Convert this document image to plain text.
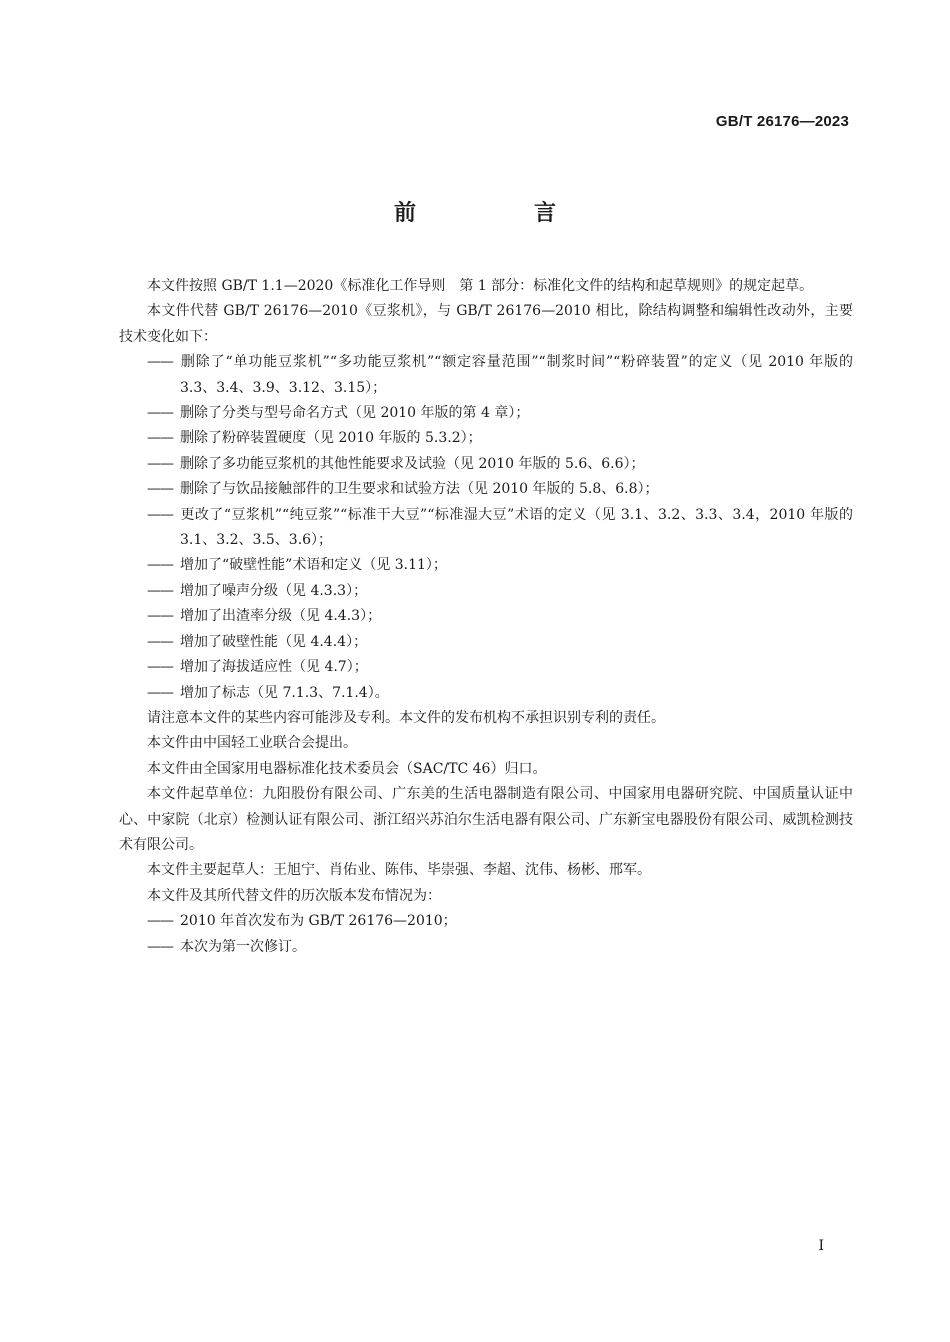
GB/T 26176—2023
前　言

本文件按照 GB/T 1.1—2020《标准化工作导则　第 1 部分：标准化文件的结构和起草规则》的规定起草。

本文件代替 GB/T 26176—2010《豆浆机》，与 GB/T 26176—2010 相比，除结构调整和编辑性改动外，主要技术变化如下：

—— 删除了“单功能豆浆机”“多功能豆浆机”“额定容量范围”“制浆时间”“粉碎装置”的定义（见 2010 年版的 3.3、3.4、3.9、3.12、3.15）；
—— 删除了分类与型号命名方式（见 2010 年版的第 4 章）；
—— 删除了粉碎装置硬度（见 2010 年版的 5.3.2）；
—— 删除了多功能豆浆机的其他性能要求及试验（见 2010 年版的 5.6、6.6）；
—— 删除了与饮品接触部件的卫生要求和试验方法（见 2010 年版的 5.8、6.8）；
—— 更改了“豆浆机”“纯豆浆”“标准干大豆”“标准湿大豆”术语的定义（见 3.1、3.2、3.3、3.4，2010 年版的 3.1、3.2、3.5、3.6）；
—— 增加了“破壁性能”术语和定义（见 3.11）；
—— 增加了噪声分级（见 4.3.3）；
—— 增加了出渣率分级（见 4.4.3）；
—— 增加了破壁性能（见 4.4.4）；
—— 增加了海拔适应性（见 4.7）；
—— 增加了标志（见 7.1.3、7.1.4）。

请注意本文件的某些内容可能涉及专利。本文件的发布机构不承担识别专利的责任。

本文件由中国轻工业联合会提出。

本文件由全国家用电器标准化技术委员会（SAC/TC 46）归口。

本文件起草单位：九阳股份有限公司、广东美的生活电器制造有限公司、中国家用电器研究院、中国质量认证中心、中家院（北京）检测认证有限公司、浙江绍兴苏泊尔生活电器有限公司、广东新宝电器股份有限公司、威凯检测技术有限公司。

本文件主要起草人：王旭宁、肖佑业、陈伟、毕崇强、李超、沈伟、杨彬、邢军。

本文件及其所代替文件的历次版本发布情况为：

—— 2010 年首次发布为 GB/T 26176—2010；
—— 本次为第一次修订。
I
